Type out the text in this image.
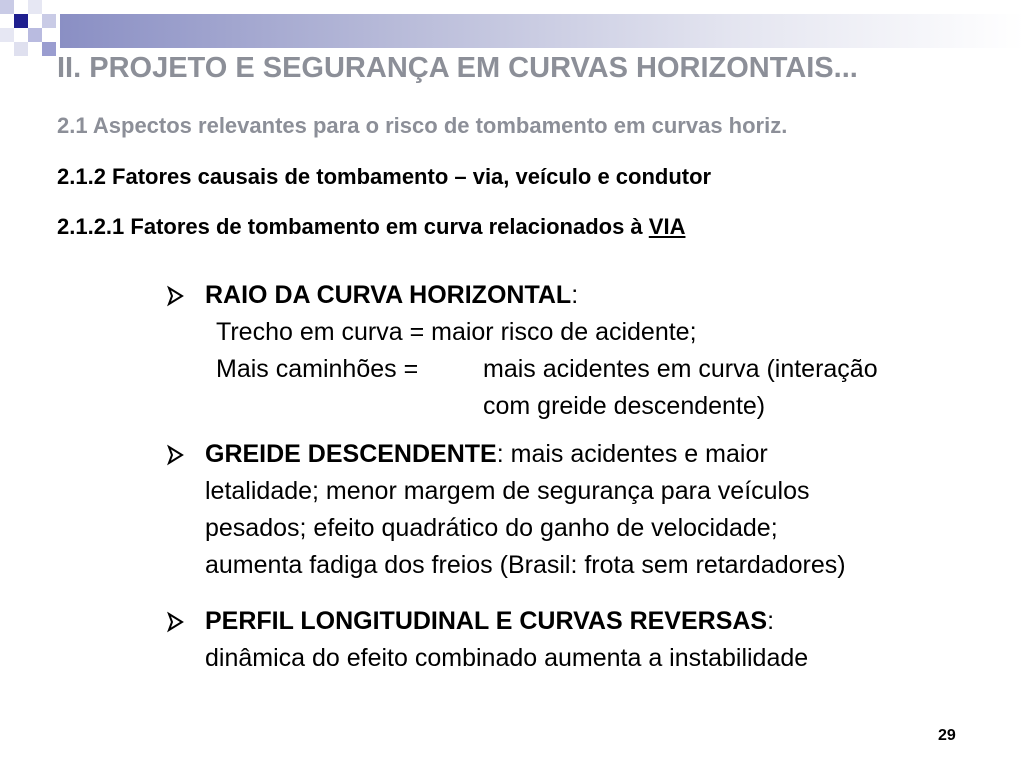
II. PROJETO E SEGURANÇA EM CURVAS HORIZONTAIS...

2.1 Aspectos relevantes para o risco de tombamento em curvas horiz.

2.1.2 Fatores causais de tombamento – via, veículo e condutor

2.1.2.1 Fatores de tombamento em curva relacionados à VIA

RAIO DA CURVA HORIZONTAL:
Trecho em curva = maior risco de acidente;
Mais caminhões =	mais acidentes em curva (interação
com greide descendente)
GREIDE DESCENDENTE: mais acidentes e maior
letalidade; menor margem de segurança para veículos
pesados; efeito quadrático do ganho de velocidade;
aumenta fadiga dos freios (Brasil: frota sem retardadores)
PERFIL LONGITUDINAL E CURVAS REVERSAS:
dinâmica do efeito combinado aumenta a instabilidade
29
